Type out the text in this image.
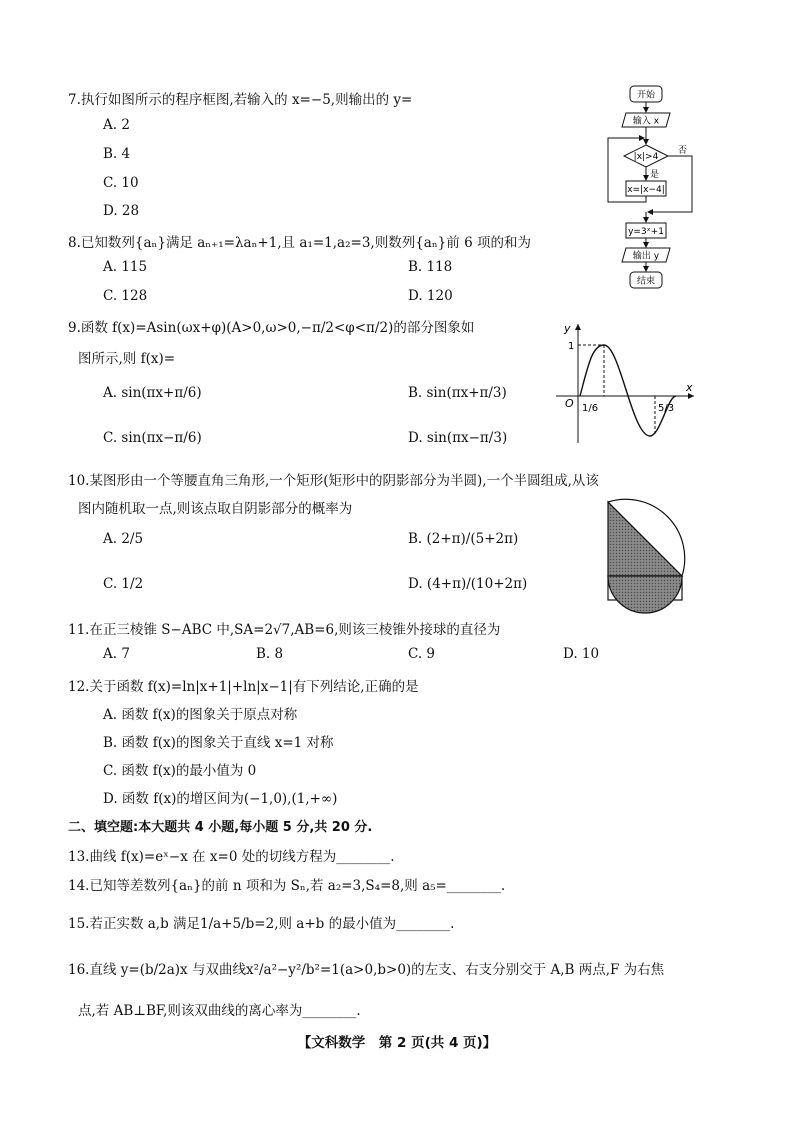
7.执行如图所示的程序框图,若输入的 x=−5,则输出的 y=
A. 2
B. 4
C. 10
D. 28
开始
输入 x
|x|>4
否
是
x=|x−4|
y=3ˣ+1
输出 y
结束
8.已知数列{aₙ}满足 aₙ₊₁=λaₙ+1,且 a₁=1,a₂=3,则数列{aₙ}前 6 项的和为
A. 115	B. 118
C. 128	D. 120
9.函数 f(x)=Asin(ωx+φ)(A>0,ω>0,−π/2<φ<π/2)的部分图象如
图所示,则 f(x)=
A. sin(πx+π/6)	B. sin(πx+π/3)
C. sin(πx−π/6)	D. sin(πx−π/3)
y
x
O
1
1/6	5/3
10.某图形由一个等腰直角三角形,一个矩形(矩形中的阴影部分为半圆),一个半圆组成,从该
图内随机取一点,则该点取自阴影部分的概率为
A. 2/5	B. (2+π)/(5+2π)
C. 1/2	D. (4+π)/(10+2π)
11.在正三棱锥 S−ABC 中,SA=2√7,AB=6,则该三棱锥外接球的直径为
A. 7	B. 8	C. 9	D. 10
12.关于函数 f(x)=ln|x+1|+ln|x−1|有下列结论,正确的是
A. 函数 f(x)的图象关于原点对称
B. 函数 f(x)的图象关于直线 x=1 对称
C. 函数 f(x)的最小值为 0
D. 函数 f(x)的增区间为(−1,0),(1,+∞)
二、填空题:本大题共 4 小题,每小题 5 分,共 20 分.
13.曲线 f(x)=eˣ−x 在 x=0 处的切线方程为________.
14.已知等差数列{aₙ}的前 n 项和为 Sₙ,若 a₂=3,S₄=8,则 a₅=________.
15.若正实数 a,b 满足1/a+5/b=2,则 a+b 的最小值为________.
16.直线 y=(b/2a)x 与双曲线x²/a²−y²/b²=1(a>0,b>0)的左支、右支分别交于 A,B 两点,F 为右焦
点,若 AB⊥BF,则该双曲线的离心率为________.
【文科数学　第 2 页(共 4 页)】
